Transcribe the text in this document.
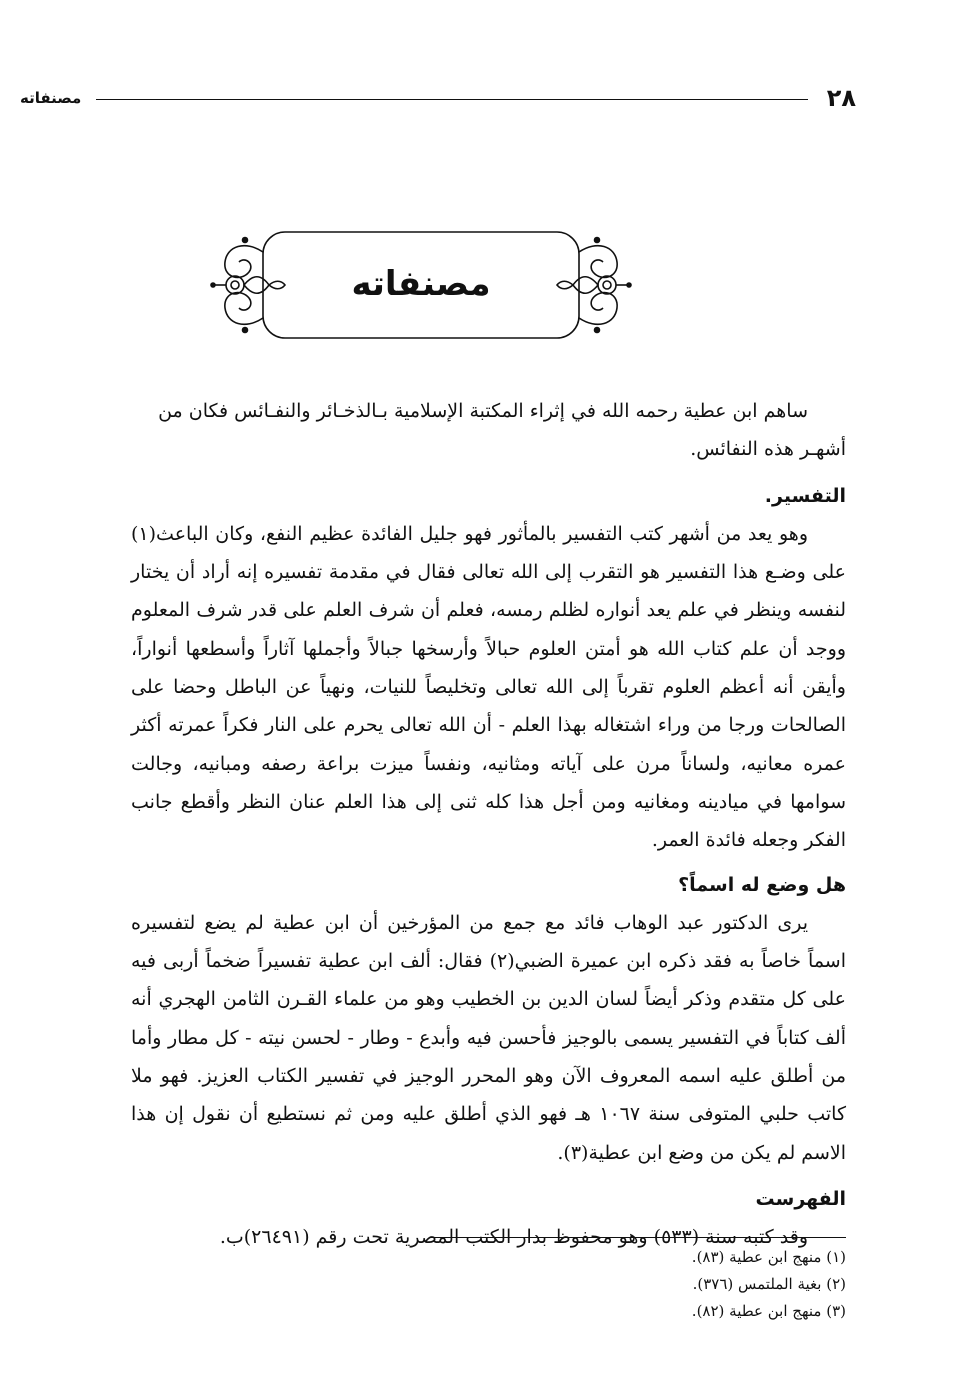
٢٨
مصنفاته
مصنفاته

ساهم ابن عطية رحمه الله في إثراء المكتبة الإسلامية بـالذخـائر والنفـائس فكان من أشهـر هذه النفائس.

التفسير.

وهو يعد من أشهر كتب التفسير بالمأثور فهو جليل الفائدة عظيم النفع، وكان الباعث(١) على وضـع هذا التفسير هو التقرب إلى الله تعالى فقال في مقدمة تفسيره إنه أراد أن يختار لنفسه وينظر في علم يعد أنواره لظلم رمسه، فعلم أن شرف العلم على قدر شرف المعلوم ووجد أن علم كتاب الله هو أمتن العلوم حبالاً وأرسخها جبالاً وأجملها آثاراً وأسطعها أنواراً، وأيقن أنه أعظم العلوم تقرباً إلى الله تعالى وتخليصاً للنيات، ونهياً عن الباطل وحضا على الصالحات ورجا من وراء اشتغاله بهذا العلم - أن الله تعالى يحرم على النار فكراً عمرته أكثر عمره معانيه، ولساناً مرن على آياته ومثانيه، ونفساً ميزت براعة رصفه ومبانيه، وجالت سوامها في ميادينه ومغانيه ومن أجل هذا كله ثنى إلى هذا العلم عنان النظر وأقطع جانب الفكر وجعله فائدة العمر.

هل وضع له اسماً؟

يرى الدكتور عبد الوهاب فائد مع جمع من المؤرخين أن ابن عطية لم يضع لتفسيره اسماً خاصاً به فقد ذكره ابن عميرة الضبي(٢) فقال: ألف ابن عطية تفسيراً ضخماً أربى فيه على كل متقدم وذكر أيضاً لسان الدين بن الخطيب وهو من علماء القـرن الثامن الهجري أنه ألف كتاباً في التفسير يسمى بالوجيز فأحسن فيه وأبدع - وطار - لحسن نيته - كل مطار وأما من أطلق عليه اسمه المعروف الآن وهو المحرر الوجيز في تفسير الكتاب العزيز. فهو ملا كاتب حلبي المتوفى سنة ١٠٦٧ هـ فهو الذي أطلق عليه ومن ثم نستطيع أن نقول إن هذا الاسم لم يكن من وضع ابن عطية(٣).

الفهرست

وقد كتبه سنة (٥٣٣) وهو محفوظ بدار الكتب المصرية تحت رقم (٢٦٤٩١)ب.

(١) منهج ابن عطية (٨٣).
(٢) بغية الملتمس (٣٧٦).
(٣) منهج ابن عطية (٨٢).
